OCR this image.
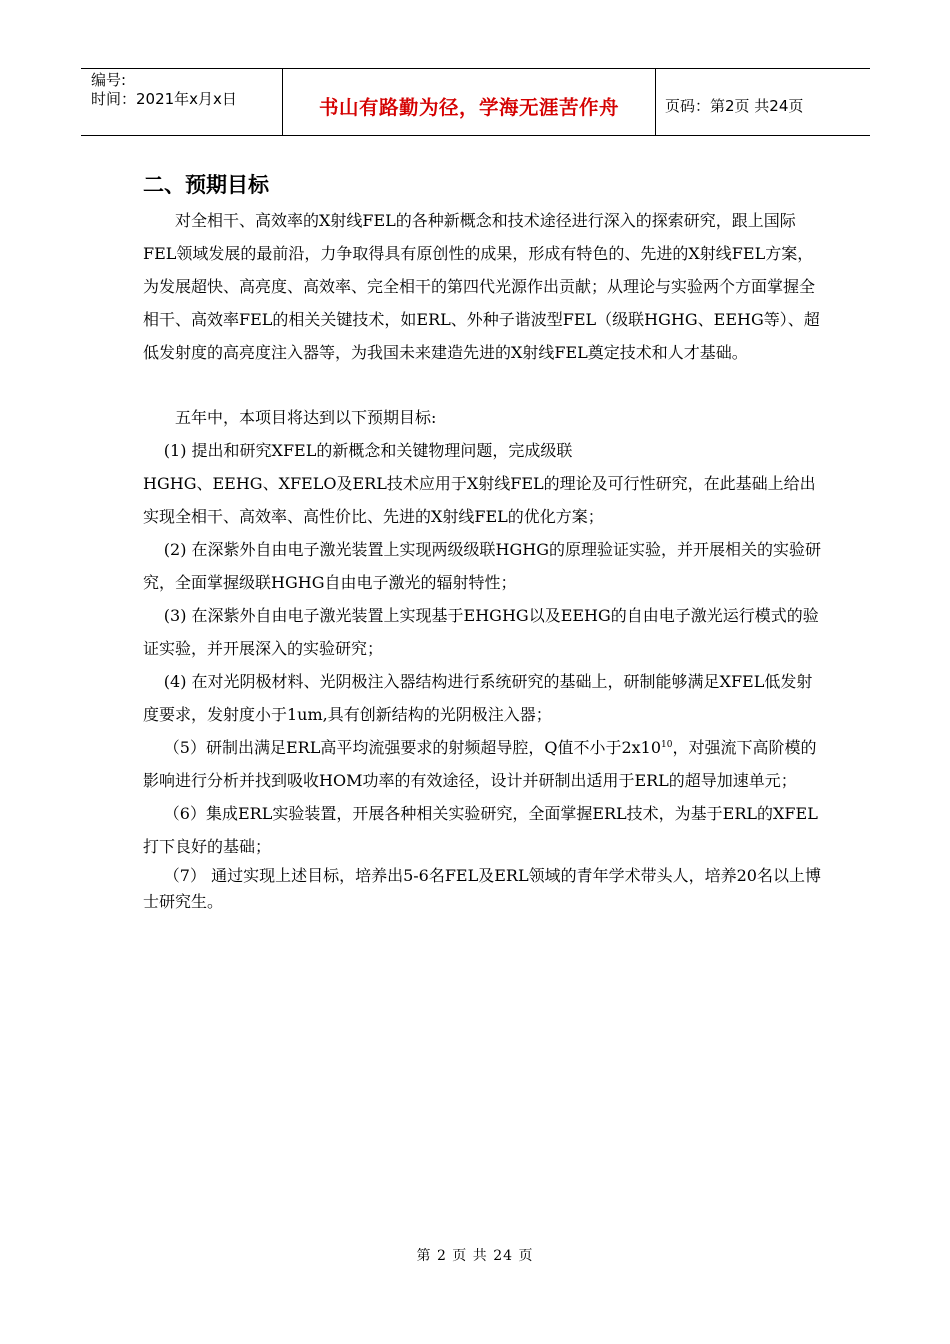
编号:
时间：2021年x月x日	书山有路勤为径，学海无涯苦作舟	页码：第2页 共24页
二、预期目标

对全相干、高效率的X射线FEL的各种新概念和技术途径进行深入的探索研究，跟上国际FEL领域发展的最前沿，力争取得具有原创性的成果，形成有特色的、先进的X射线FEL方案，为发展超快、高亮度、高效率、完全相干的第四代光源作出贡献；从理论与实验两个方面掌握全相干、高效率FEL的相关关键技术，如ERL、外种子谐波型FEL（级联HGHG、EEHG等）、超低发射度的高亮度注入器等，为我国未来建造先进的X射线FEL奠定技术和人才基础。

五年中，本项目将达到以下预期目标:

(1) 提出和研究XFEL的新概念和关键物理问题，完成级联

HGHG、EEHG、XFELO及ERL技术应用于X射线FEL的理论及可行性研究，在此基础上给出实现全相干、高效率、高性价比、先进的X射线FEL的优化方案；

(2) 在深紫外自由电子激光装置上实现两级级联HGHG的原理验证实验，并开展相关的实验研究，全面掌握级联HGHG自由电子激光的辐射特性；

(3) 在深紫外自由电子激光装置上实现基于EHGHG以及EEHG的自由电子激光运行模式的验证实验，并开展深入的实验研究；

(4) 在对光阴极材料、光阴极注入器结构进行系统研究的基础上，研制能够满足XFEL低发射度要求，发射度小于1um,具有创新结构的光阴极注入器；

（5）研制出满足ERL高平均流强要求的射频超导腔，Q值不小于$2x10^{10}$，对强流下高阶模的影响进行分析并找到吸收HOM功率的有效途径，设计并研制出适用于ERL的超导加速单元；

（6）集成ERL实验装置，开展各种相关实验研究，全面掌握ERL技术，为基于ERL的XFEL打下良好的基础；

（7） 通过实现上述目标，培养出5-6名FEL及ERL领域的青年学术带头人，培养20名以上博士研究生。

第 2 页 共 24 页
